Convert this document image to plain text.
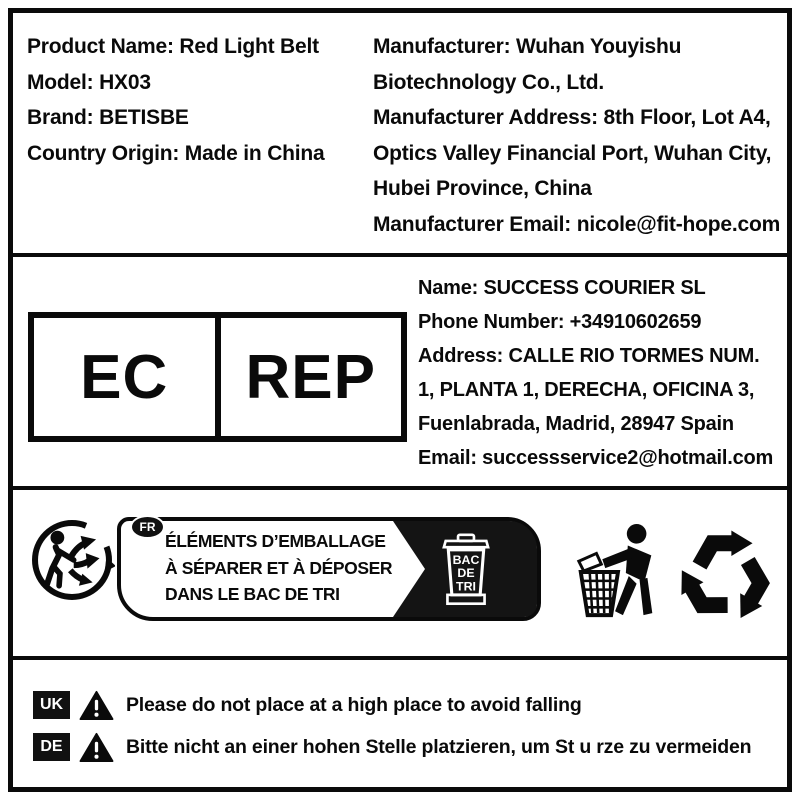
Product Name: Red Light Belt
Model: HX03
Brand: BETISBE
Country Origin: Made in China
Manufacturer: Wuhan Youyishu
Biotechnology Co., Ltd.
Manufacturer Address: 8th Floor, Lot A4,
Optics Valley Financial Port, Wuhan City,
Hubei Province, China
Manufacturer Email: nicole@fit-hope.com
EC	REP
Name: SUCCESS COURIER SL
Phone Number: +34910602659
Address: CALLE RIO TORMES NUM.
1, PLANTA 1, DERECHA, OFICINA 3,
Fuenlabrada, Madrid, 28947 Spain
Email: successservice2@hotmail.com
ÉLÉMENTS D’EMBALLAGE
À SÉPARER ET À DÉPOSER
DANS LE BAC DE TRI
FR
BAC
DE
TRI
UK	Please do not place at a high place to avoid falling
DE	Bitte nicht an einer hohen Stelle platzieren, um St u rze zu vermeiden
